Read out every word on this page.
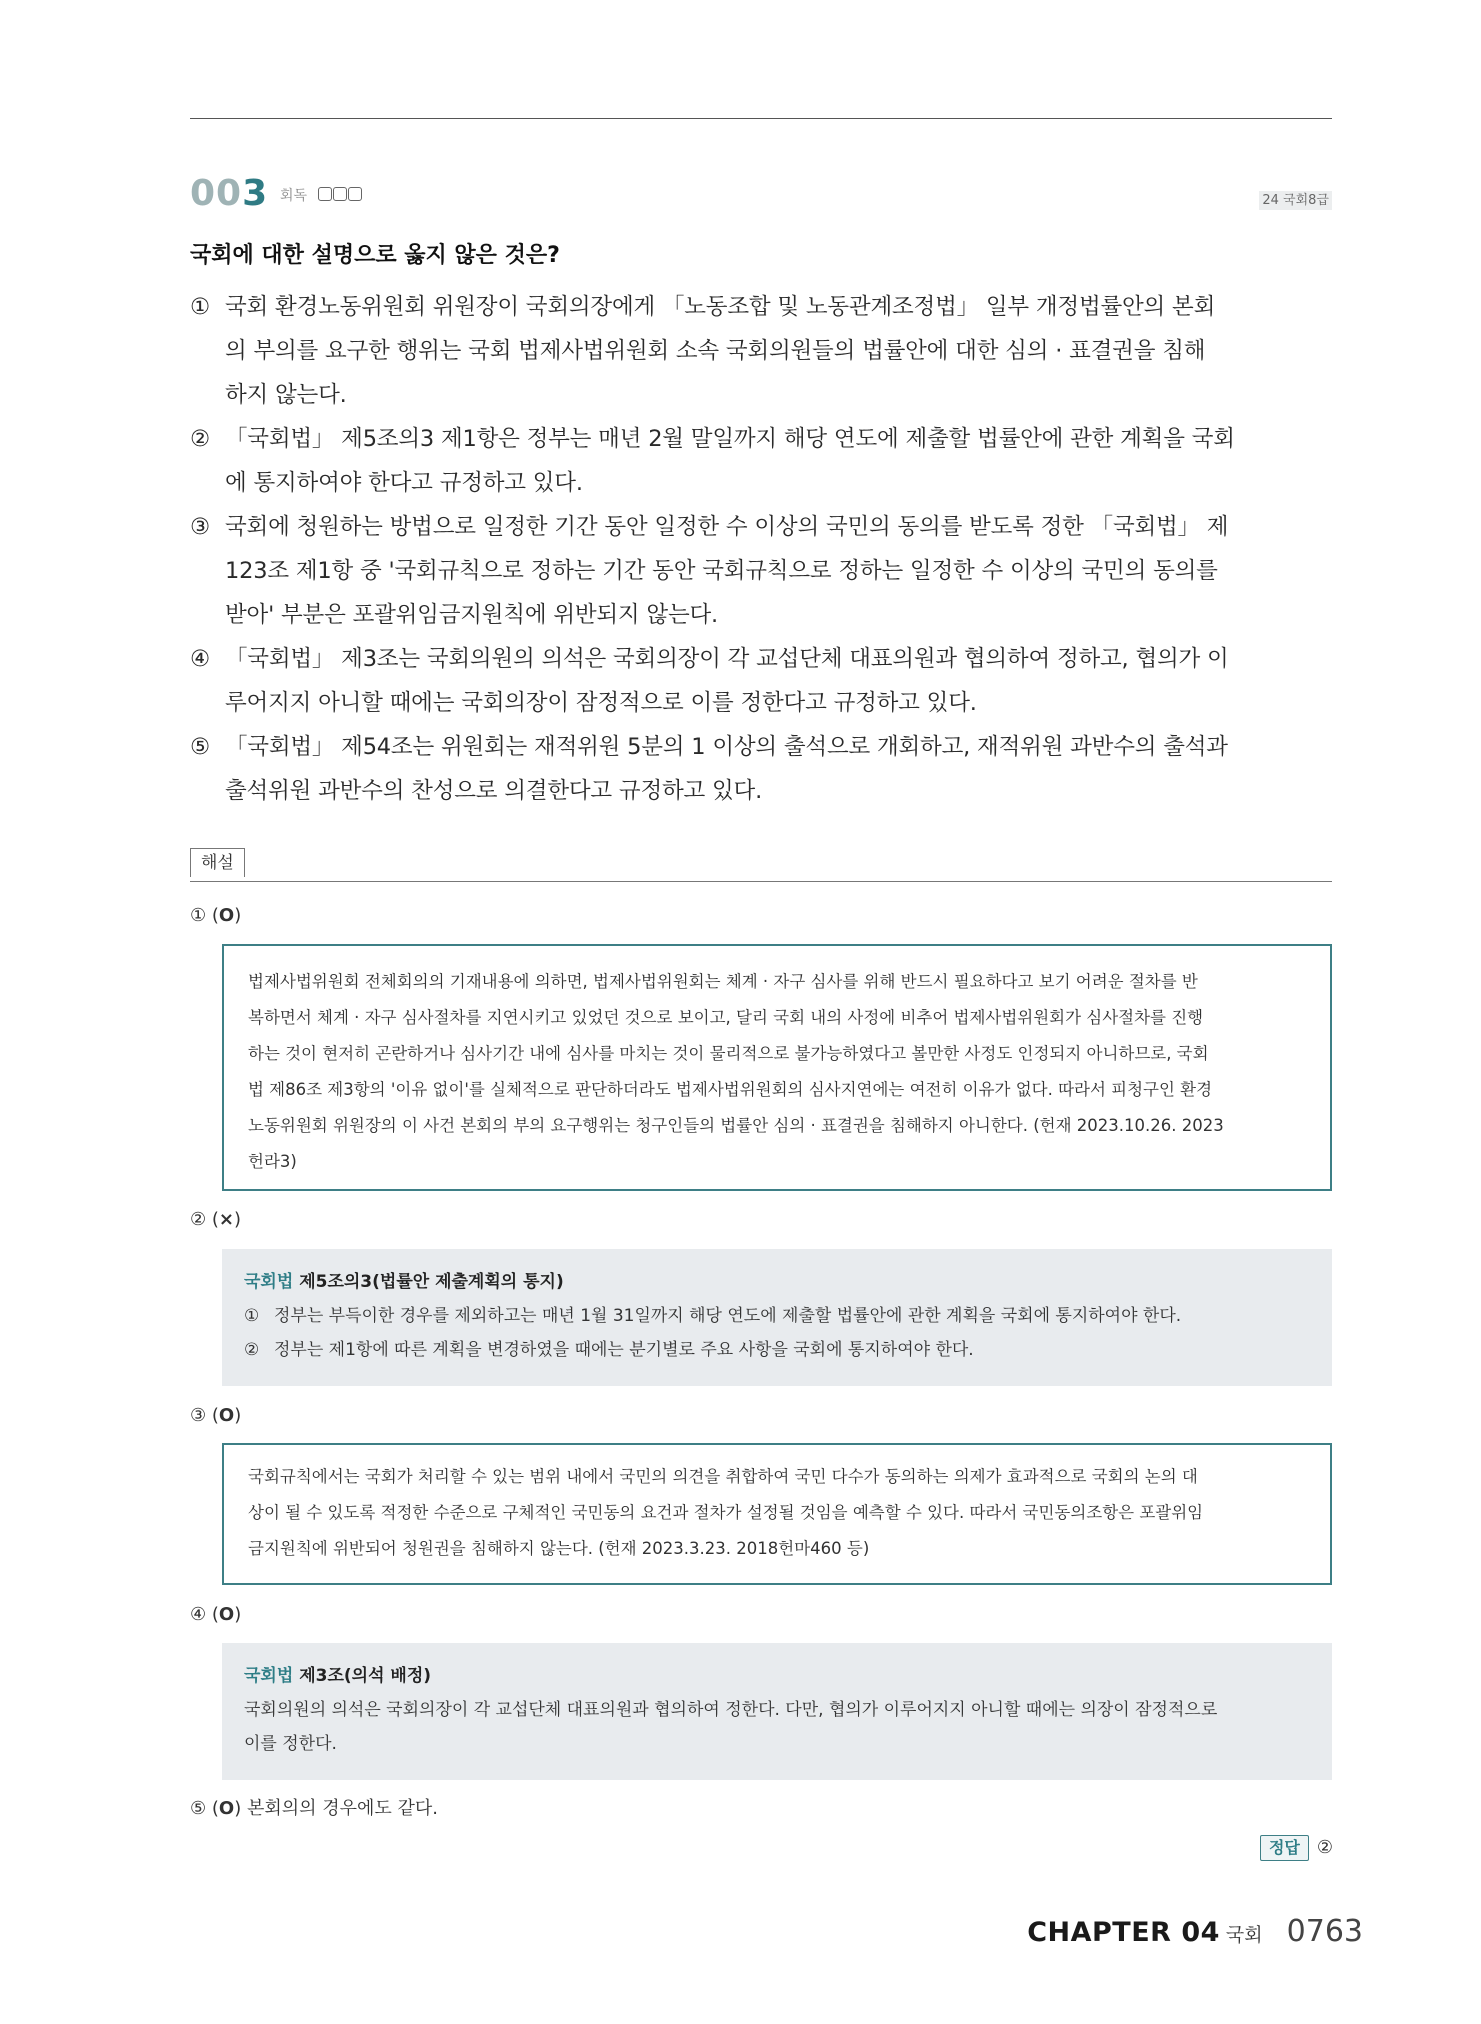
003 회독	24 국회8급
국회에 대한 설명으로 옳지 않은 것은?
① 국회 환경노동위원회 위원장이 국회의장에게 「노동조합 및 노동관계조정법」 일부 개정법률안의 본회
의 부의를 요구한 행위는 국회 법제사법위원회 소속 국회의원들의 법률안에 대한 심의 · 표결권을 침해
하지 않는다.
② 「국회법」 제5조의3 제1항은 정부는 매년 2월 말일까지 해당 연도에 제출할 법률안에 관한 계획을 국회
에 통지하여야 한다고 규정하고 있다.
③ 국회에 청원하는 방법으로 일정한 기간 동안 일정한 수 이상의 국민의 동의를 받도록 정한 「국회법」 제
123조 제1항 중 '국회규칙으로 정하는 기간 동안 국회규칙으로 정하는 일정한 수 이상의 국민의 동의를
받아' 부분은 포괄위임금지원칙에 위반되지 않는다.
④ 「국회법」 제3조는 국회의원의 의석은 국회의장이 각 교섭단체 대표의원과 협의하여 정하고, 협의가 이
루어지지 아니할 때에는 국회의장이 잠정적으로 이를 정한다고 규정하고 있다.
⑤ 「국회법」 제54조는 위원회는 재적위원 5분의 1 이상의 출석으로 개회하고, 재적위원 과반수의 출석과
출석위원 과반수의 찬성으로 의결한다고 규정하고 있다.
해설
① (O)
법제사법위원회 전체회의의 기재내용에 의하면, 법제사법위원회는 체계 · 자구 심사를 위해 반드시 필요하다고 보기 어려운 절차를 반
복하면서 체계 · 자구 심사절차를 지연시키고 있었던 것으로 보이고, 달리 국회 내의 사정에 비추어 법제사법위원회가 심사절차를 진행
하는 것이 현저히 곤란하거나 심사기간 내에 심사를 마치는 것이 물리적으로 불가능하였다고 볼만한 사정도 인정되지 아니하므로, 국회
법 제86조 제3항의 '이유 없이'를 실체적으로 판단하더라도 법제사법위원회의 심사지연에는 여전히 이유가 없다. 따라서 피청구인 환경
노동위원회 위원장의 이 사건 본회의 부의 요구행위는 청구인들의 법률안 심의 · 표결권을 침해하지 아니한다. (헌재 2023.10.26. 2023
헌라3)
② (×)
국회법 제5조의3(법률안 제출계획의 통지)
① 정부는 부득이한 경우를 제외하고는 매년 1월 31일까지 해당 연도에 제출할 법률안에 관한 계획을 국회에 통지하여야 한다.
② 정부는 제1항에 따른 계획을 변경하였을 때에는 분기별로 주요 사항을 국회에 통지하여야 한다.
③ (O)
국회규칙에서는 국회가 처리할 수 있는 범위 내에서 국민의 의견을 취합하여 국민 다수가 동의하는 의제가 효과적으로 국회의 논의 대
상이 될 수 있도록 적정한 수준으로 구체적인 국민동의 요건과 절차가 설정될 것임을 예측할 수 있다. 따라서 국민동의조항은 포괄위임
금지원칙에 위반되어 청원권을 침해하지 않는다. (헌재 2023.3.23. 2018헌마460 등)
④ (O)
국회법 제3조(의석 배정)
국회의원의 의석은 국회의장이 각 교섭단체 대표의원과 협의하여 정한다. 다만, 협의가 이루어지지 아니할 때에는 의장이 잠정적으로
이를 정한다.
⑤ (O) 본회의의 경우에도 같다.
정답 ②
CHAPTER 04 국회 0763
